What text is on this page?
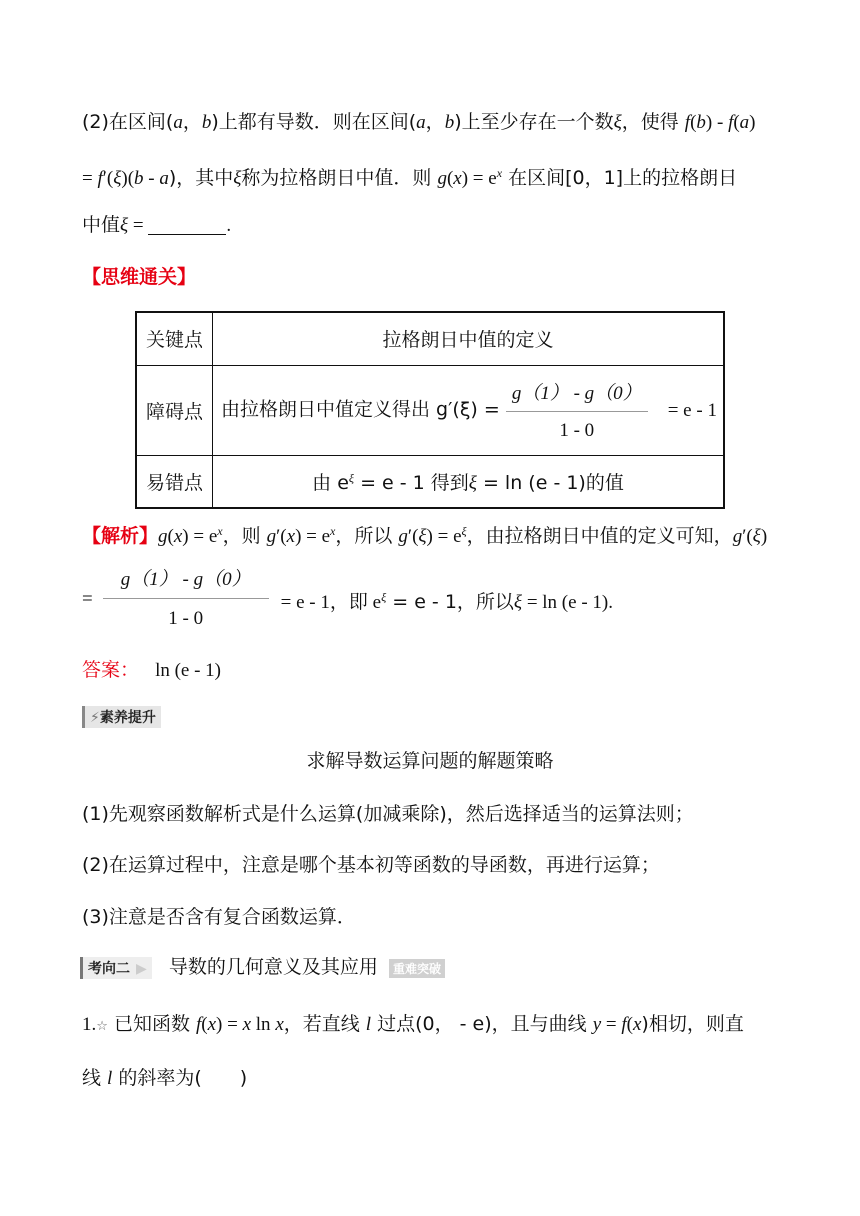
(2)在区间(a，b)上都有导数．则在区间(a，b)上至少存在一个数ξ，使得 f(b) - f(a)
= f′(ξ)(b - a)，其中ξ称为拉格朗日中值．则 $g(x) = e^x$ 在区间[0，1]上的拉格朗日
中值ξ =	.
【思维通关】
关键点	拉格朗日中值的定义
障碍点	由拉格朗日中值定义得出 $g'(\xi) = \frac{g(1) - g(0)}{1 - 0} = e - 1$
易错点	由 $e^\xi = e - 1$ 得到ξ = ln (e - 1)的值
【解析】$g(x) = e^x$，则 $g'(x) = e^x$，所以 $g'(\xi) = e^\xi$，由拉格朗日中值的定义可知，g′(ξ)
= $\frac{g(1) - g(0)}{1 - 0} = e - 1$，即 $e^\xi = e - 1$，所以ξ = ln (e - 1).
答案： ln (e - 1)
⚡素养提升
求解导数运算问题的解题策略
(1)先观察函数解析式是什么运算(加减乘除)，然后选择适当的运算法则；
(2)在运算过程中，注意是哪个基本初等函数的导函数，再进行运算；
(3)注意是否含有复合函数运算．
考向二 ▶ 导数的几何意义及其应用 重难突破
1.☆ 已知函数 f(x) = x ln x，若直线 l 过点(0， - e)，且与曲线 y = f(x)相切，则直
线 l 的斜率为(　　)
